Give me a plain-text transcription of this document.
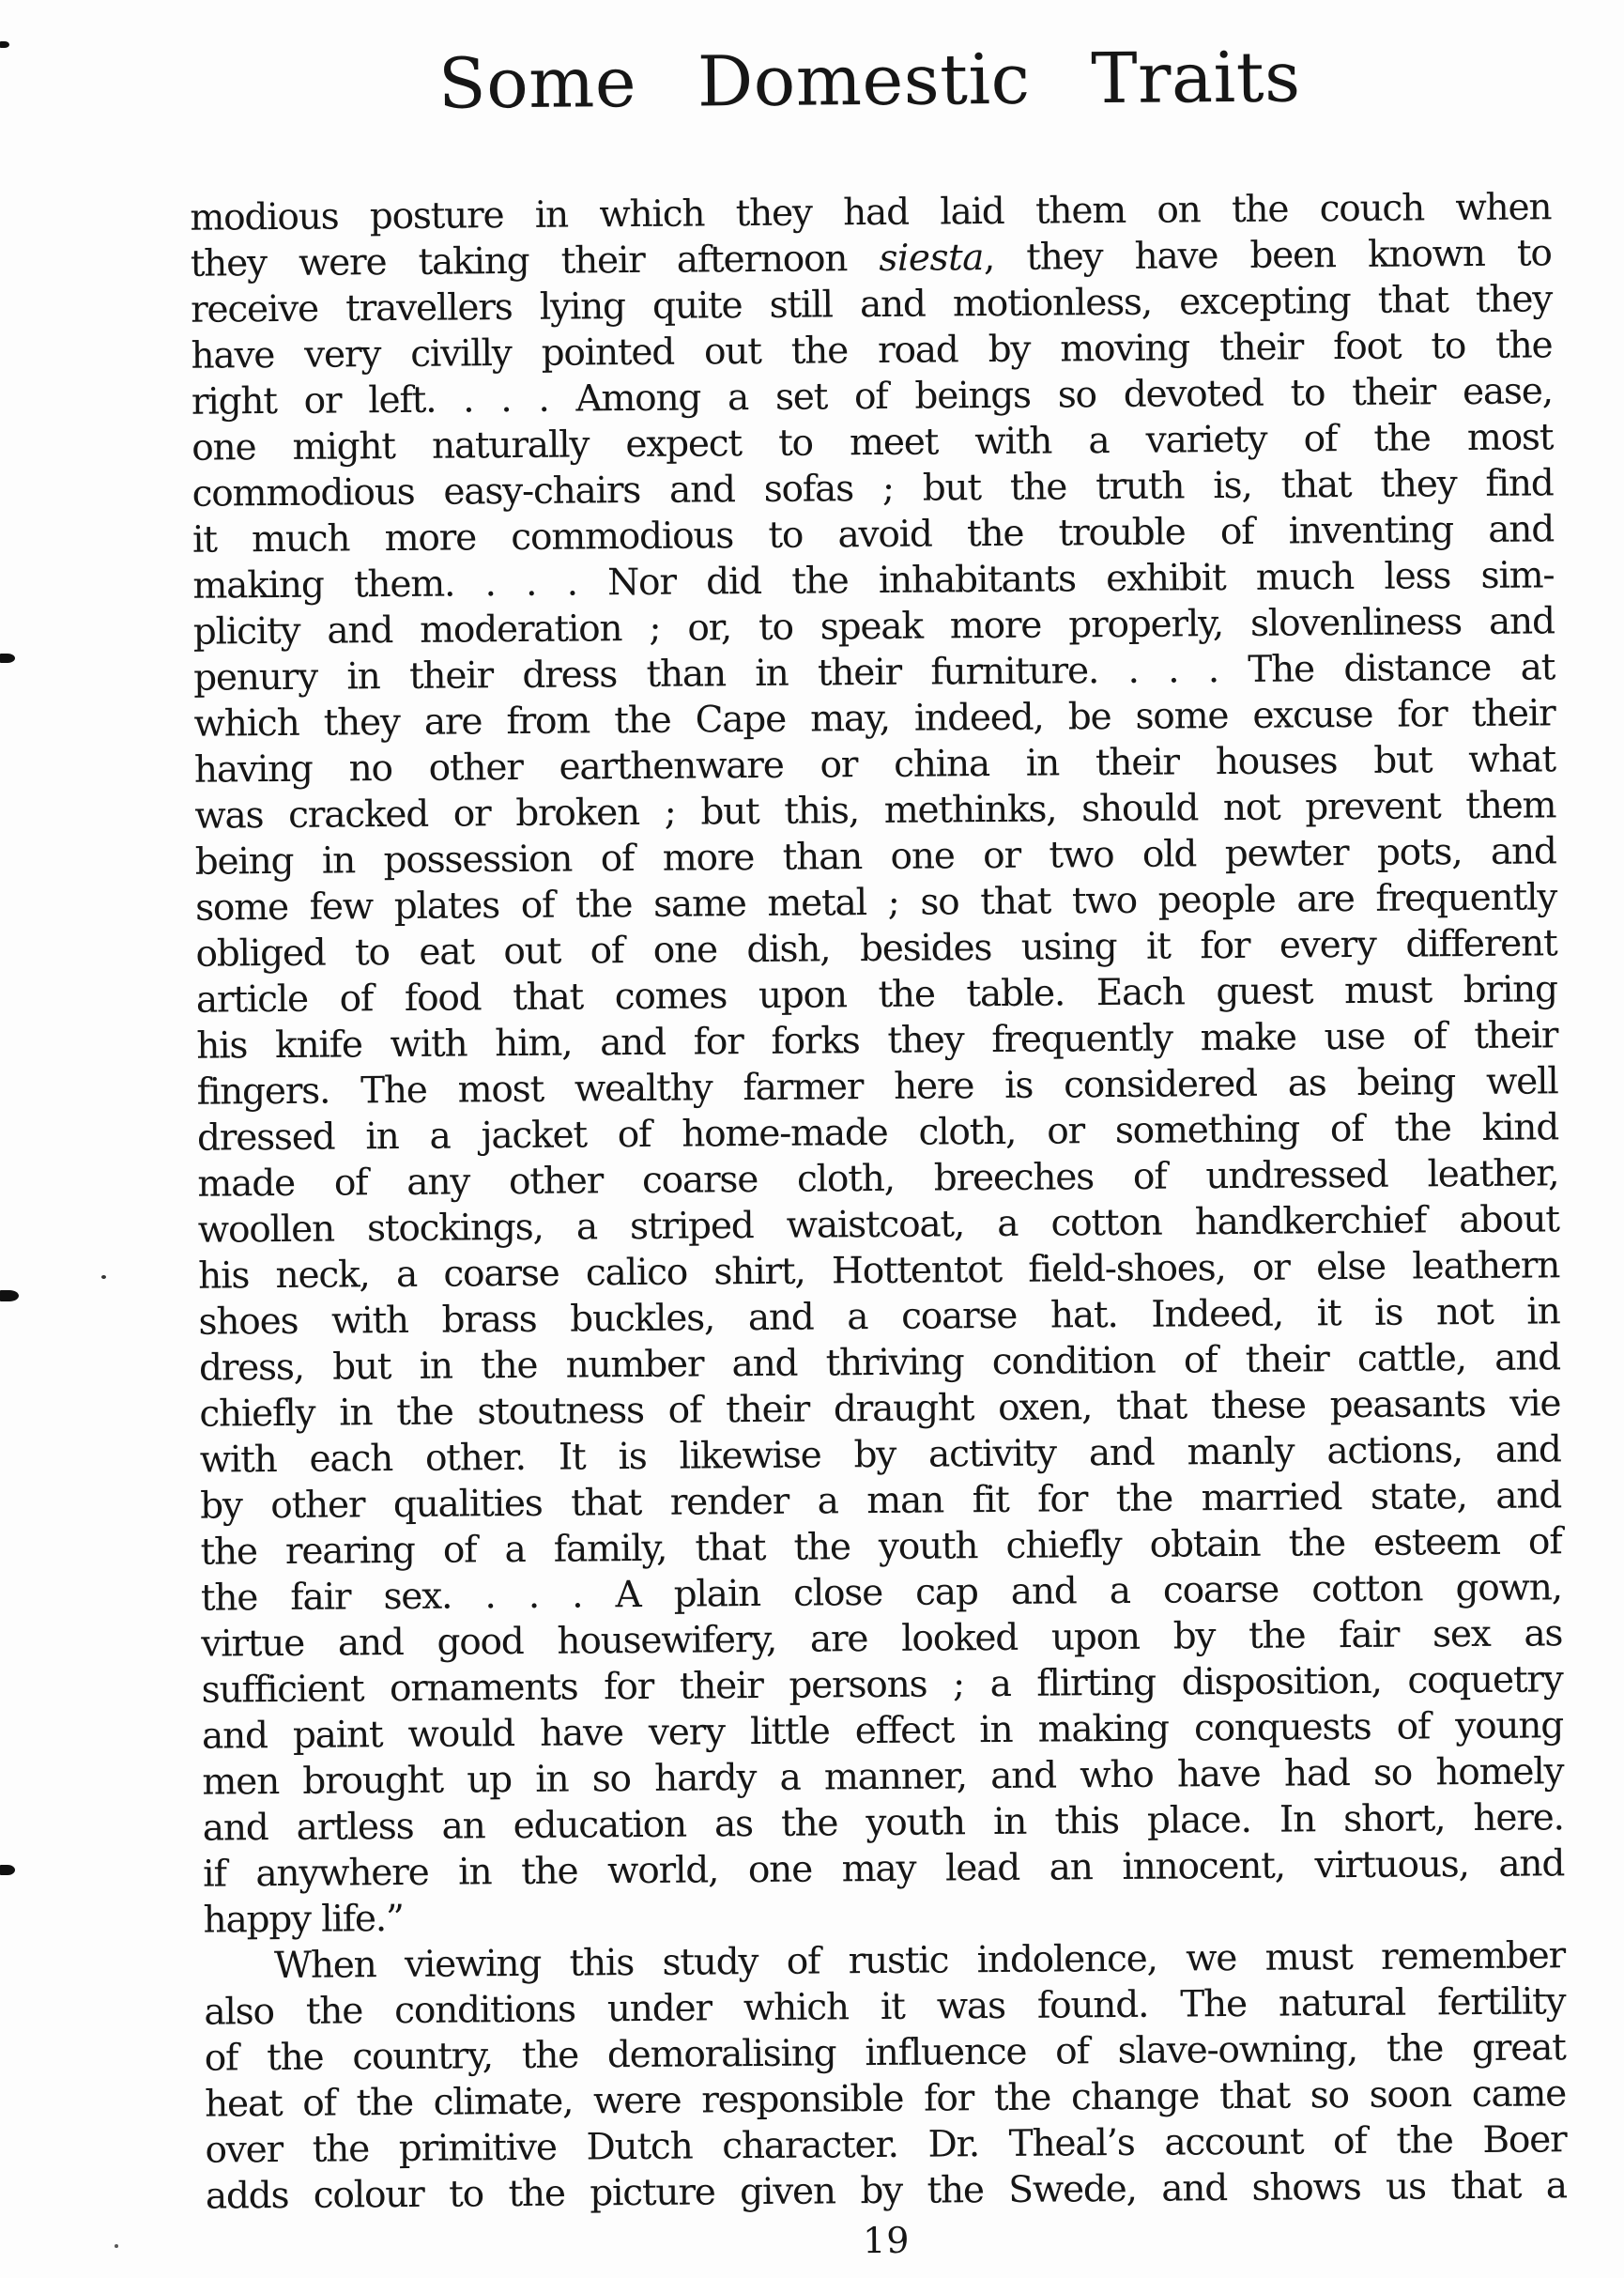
Some Domestic Traits
modious posture in which they had laid them on the couch when
they were taking their afternoon siesta, they have been known to
receive travellers lying quite still and motionless, excepting that they
have very civilly pointed out the road by moving their foot to the
right or left. . . . Among a set of beings so devoted to their ease,
one might naturally expect to meet with a variety of the most
commodious easy-chairs and sofas ; but the truth is, that they find
it much more commodious to avoid the trouble of inventing and
making them. . . . Nor did the inhabitants exhibit much less sim-
plicity and moderation ; or, to speak more properly, slovenliness and
penury in their dress than in their furniture. . . . The distance at
which they are from the Cape may, indeed, be some excuse for their
having no other earthenware or china in their houses but what
was cracked or broken ; but this, methinks, should not prevent them
being in possession of more than one or two old pewter pots, and
some few plates of the same metal ; so that two people are frequently
obliged to eat out of one dish, besides using it for every different
article of food that comes upon the table. Each guest must bring
his knife with him, and for forks they frequently make use of their
fingers. The most wealthy farmer here is considered as being well
dressed in a jacket of home-made cloth, or something of the kind
made of any other coarse cloth, breeches of undressed leather,
woollen stockings, a striped waistcoat, a cotton handkerchief about
his neck, a coarse calico shirt, Hottentot field-shoes, or else leathern
shoes with brass buckles, and a coarse hat. Indeed, it is not in
dress, but in the number and thriving condition of their cattle, and
chiefly in the stoutness of their draught oxen, that these peasants vie
with each other. It is likewise by activity and manly actions, and
by other qualities that render a man fit for the married state, and
the rearing of a family, that the youth chiefly obtain the esteem of
the fair sex. . . . A plain close cap and a coarse cotton gown,
virtue and good housewifery, are looked upon by the fair sex as
sufficient ornaments for their persons ; a flirting disposition, coquetry
and paint would have very little effect in making conquests of young
men brought up in so hardy a manner, and who have had so homely
and artless an education as the youth in this place. In short, here.
if anywhere in the world, one may lead an innocent, virtuous, and
happy life.”
When viewing this study of rustic indolence, we must remember
also the conditions under which it was found. The natural fertility
of the country, the demoralising influence of slave-owning, the great
heat of the climate, were responsible for the change that so soon came
over the primitive Dutch character. Dr. Theal’s account of the Boer
adds colour to the picture given by the Swede, and shows us that a
19
